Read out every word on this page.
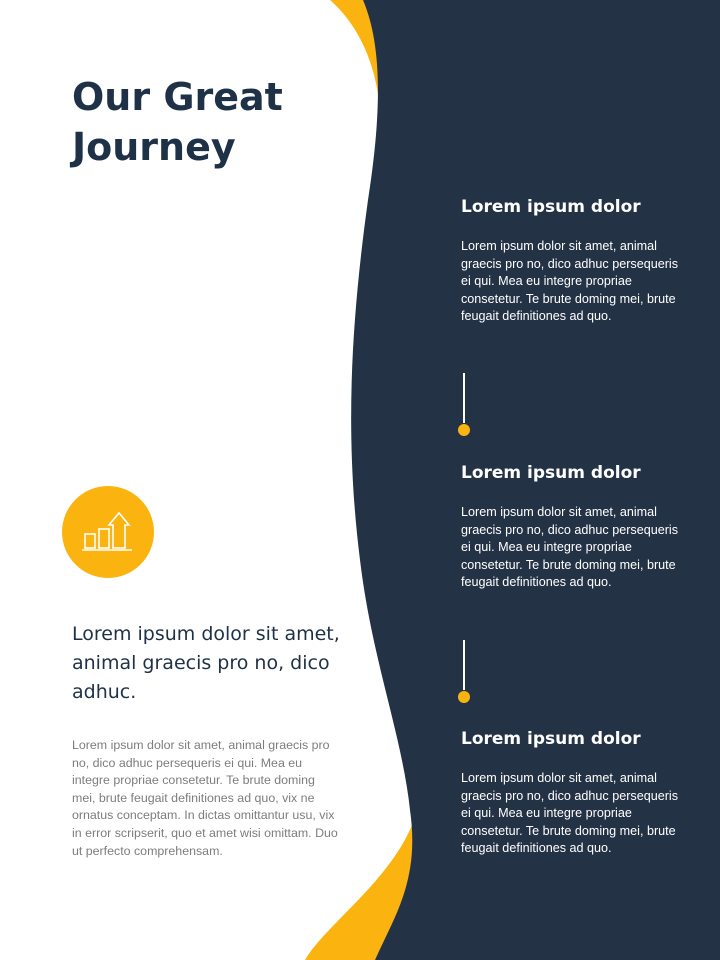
Our Great Journey

Lorem ipsum dolor sit amet, animal graecis pro no, dico adhuc.

Lorem ipsum dolor sit amet, animal graecis pro no, dico adhuc persequeris ei qui. Mea eu integre propriae consetetur. Te brute doming mei, brute feugait definitiones ad quo, vix ne ornatus conceptam. In dictas omittantur usu, vix in error scripserit, quo et amet wisi omittam. Duo ut perfecto comprehensam.

Lorem ipsum dolor

Lorem ipsum dolor sit amet, animal graecis pro no, dico adhuc persequeris ei qui. Mea eu integre propriae consetetur. Te brute doming mei, brute feugait definitiones ad quo.

Lorem ipsum dolor

Lorem ipsum dolor sit amet, animal graecis pro no, dico adhuc persequeris ei qui. Mea eu integre propriae consetetur. Te brute doming mei, brute feugait definitiones ad quo.

Lorem ipsum dolor

Lorem ipsum dolor sit amet, animal graecis pro no, dico adhuc persequeris ei qui. Mea eu integre propriae consetetur. Te brute doming mei, brute feugait definitiones ad quo.
